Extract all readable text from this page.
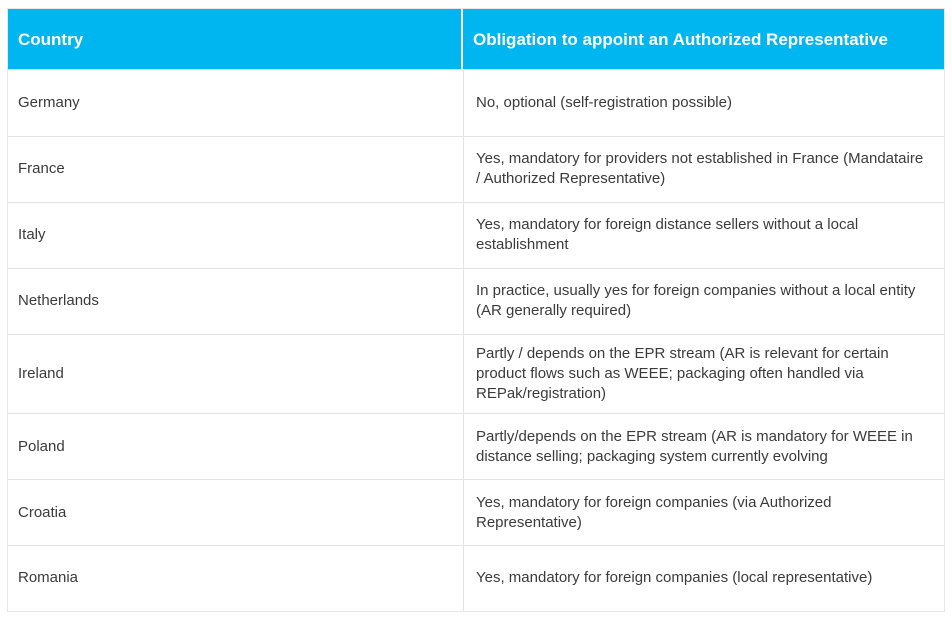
Country	Obligation to appoint an Authorized Representative
Germany	No, optional (self-registration possible)
France	Yes, mandatory for providers not established in France (Mandataire / Authorized Representative)
Italy	Yes, mandatory for foreign distance sellers without a local establishment
Netherlands	In practice, usually yes for foreign companies without a local entity (AR generally required)
Ireland	Partly / depends on the EPR stream (AR is relevant for certain product flows such as WEEE; packaging often handled via REPak/registration)
Poland	Partly/depends on the EPR stream (AR is mandatory for WEEE in distance selling; packaging system currently evolving
Croatia	Yes, mandatory for foreign companies (via Authorized Representative)
Romania	Yes, mandatory for foreign companies (local representative)
